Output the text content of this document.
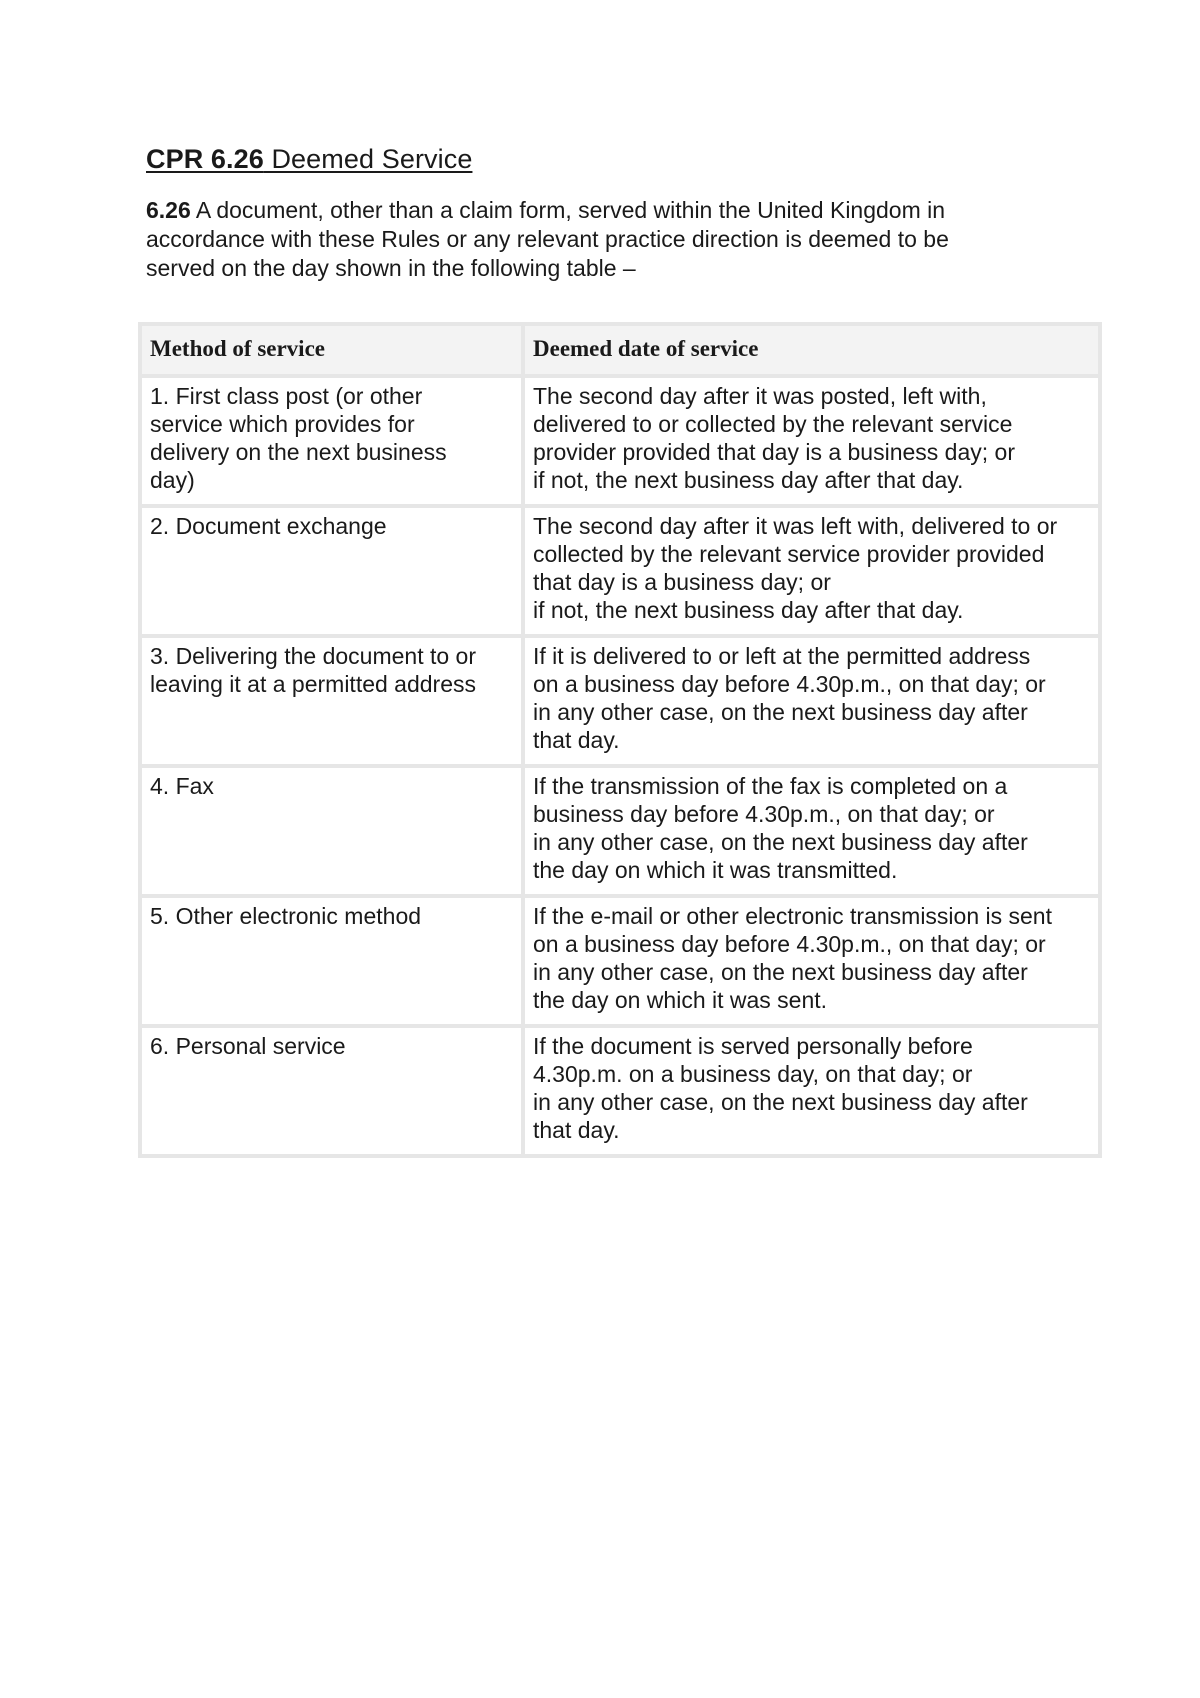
CPR 6.26 Deemed Service

6.26 A document, other than a claim form, served within the United Kingdom in
accordance with these Rules or any relevant practice direction is deemed to be
served on the day shown in the following table –

Method of service	Deemed date of service

1. First class post (or other
service which provides for
delivery on the next business
day)	The second day after it was posted, left with,
delivered to or collected by the relevant service
provider provided that day is a business day; or
if not, the next business day after that day.

2. Document exchange	The second day after it was left with, delivered to or
collected by the relevant service provider provided
that day is a business day; or
if not, the next business day after that day.

3. Delivering the document to or
leaving it at a permitted address	If it is delivered to or left at the permitted address
on a business day before 4.30p.m., on that day; or
in any other case, on the next business day after
that day.

4. Fax	If the transmission of the fax is completed on a
business day before 4.30p.m., on that day; or
in any other case, on the next business day after
the day on which it was transmitted.

5. Other electronic method	If the e-mail or other electronic transmission is sent
on a business day before 4.30p.m., on that day; or
in any other case, on the next business day after
the day on which it was sent.

6. Personal service	If the document is served personally before
4.30p.m. on a business day, on that day; or
in any other case, on the next business day after
that day.
